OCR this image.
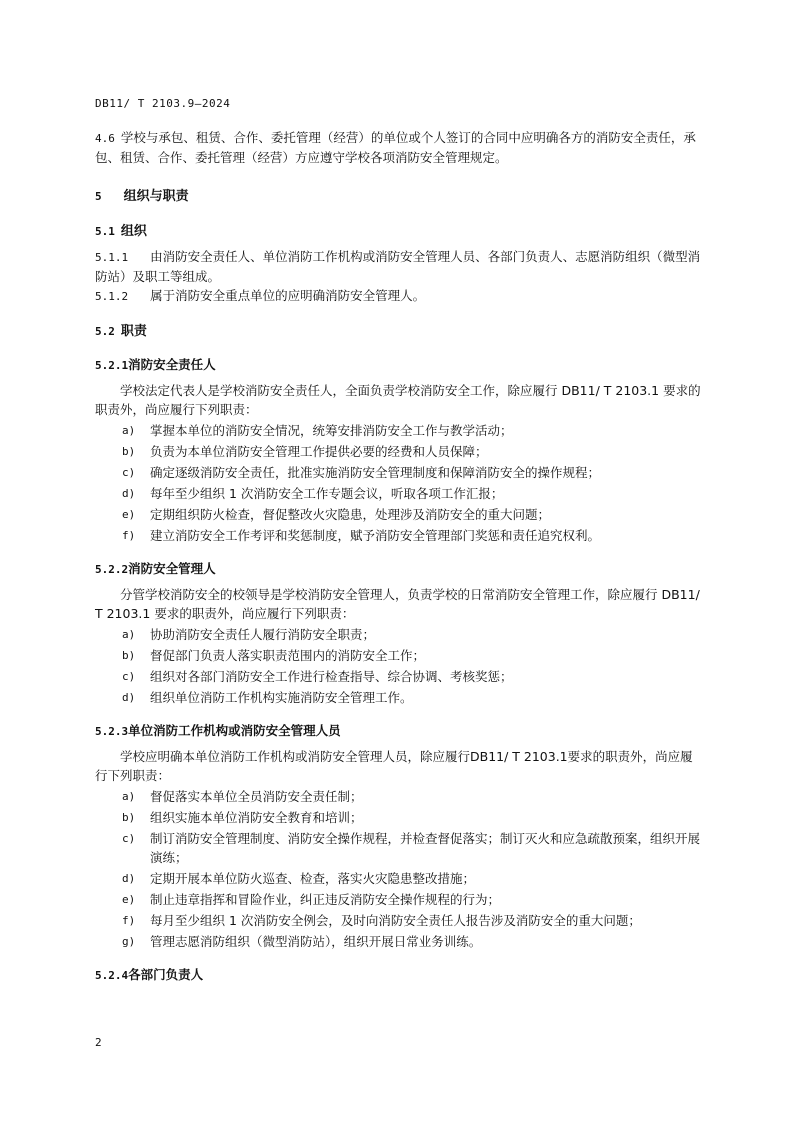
DB11/ T 2103.9—2024

4.6 学校与承包、租赁、合作、委托管理（经营）的单位或个人签订的合同中应明确各方的消防安全责任，承包、租赁、合作、委托管理（经营）方应遵守学校各项消防安全管理规定。

5 组织与职责
5.1 组织

5.1.1 由消防安全责任人、单位消防工作机构或消防安全管理人员、各部门负责人、志愿消防组织（微型消防站）及职工等组成。

5.1.2 属于消防安全重点单位的应明确消防安全管理人。

5.2 职责
5.2.1消防安全责任人

学校法定代表人是学校消防安全责任人，全面负责学校消防安全工作，除应履行 DB11/ T 2103.1 要求的职责外，尚应履行下列职责：

a) 掌握本单位的消防安全情况，统筹安排消防安全工作与教学活动；
b) 负责为本单位消防安全管理工作提供必要的经费和人员保障；
c) 确定逐级消防安全责任，批准实施消防安全管理制度和保障消防安全的操作规程；
d) 每年至少组织 1 次消防安全工作专题会议，听取各项工作汇报；
e) 定期组织防火检查，督促整改火灾隐患，处理涉及消防安全的重大问题；
f) 建立消防安全工作考评和奖惩制度，赋予消防安全管理部门奖惩和责任追究权利。
5.2.2消防安全管理人

分管学校消防安全的校领导是学校消防安全管理人，负责学校的日常消防安全管理工作，除应履行 DB11/ T 2103.1 要求的职责外，尚应履行下列职责：

a) 协助消防安全责任人履行消防安全职责；
b) 督促部门负责人落实职责范围内的消防安全工作；
c) 组织对各部门消防安全工作进行检查指导、综合协调、考核奖惩；
d) 组织单位消防工作机构实施消防安全管理工作。
5.2.3单位消防工作机构或消防安全管理人员

学校应明确本单位消防工作机构或消防安全管理人员，除应履行DB11/ T 2103.1要求的职责外，尚应履行下列职责：

a) 督促落实本单位全员消防安全责任制；
b) 组织实施本单位消防安全教育和培训；
c) 制订消防安全管理制度、消防安全操作规程，并检查督促落实；制订灭火和应急疏散预案，组织开展演练；
d) 定期开展本单位防火巡查、检查，落实火灾隐患整改措施；
e) 制止违章指挥和冒险作业，纠正违反消防安全操作规程的行为；
f) 每月至少组织 1 次消防安全例会，及时向消防安全责任人报告涉及消防安全的重大问题；
g) 管理志愿消防组织（微型消防站），组织开展日常业务训练。
5.2.4各部门负责人
2
